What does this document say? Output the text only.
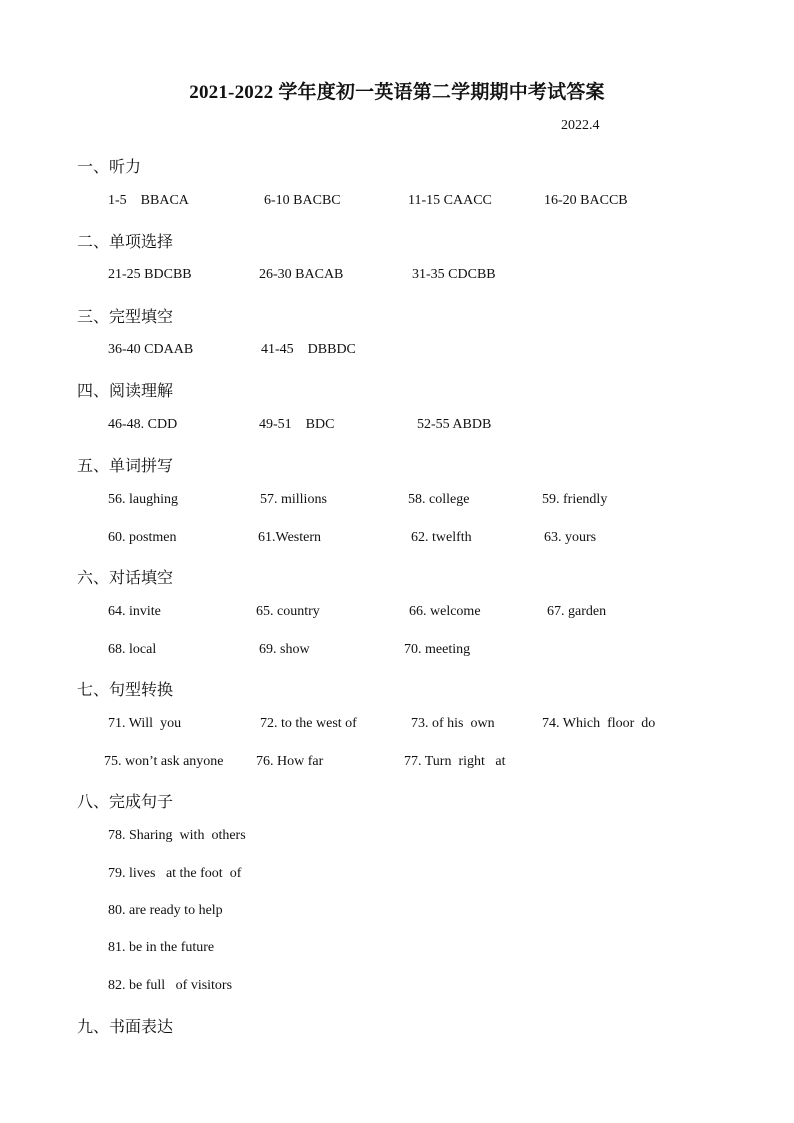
2021-2022 学年度初一英语第二学期期中考试答案
2022.4
一、听力
1-5    BBACA	6-10 BACBC	11-15 CAACC	16-20 BACCB
二、单项选择
21-25 BDCBB	26-30 BACAB	31-35 CDCBB
三、完型填空
36-40 CDAAB	41-45    DBBDC
四、阅读理解
46-48. CDD	49-51    BDC	52-55 ABDB
五、单词拼写
56. laughing	57. millions	58. college	59. friendly
60. postmen	61.Western	62. twelfth	63. yours
六、对话填空
64. invite	65. country	66. welcome	67. garden
68. local	69. show	70. meeting
七、句型转换
71. Will  you	72. to the west of	73. of his  own	74. Which  floor  do
75. won’t ask anyone 76. How far	77. Turn  right   at
八、完成句子
78. Sharing  with  others
79. lives   at the foot  of
80. are ready to help
81. be in the future
82. be full   of visitors
九、书面表达
